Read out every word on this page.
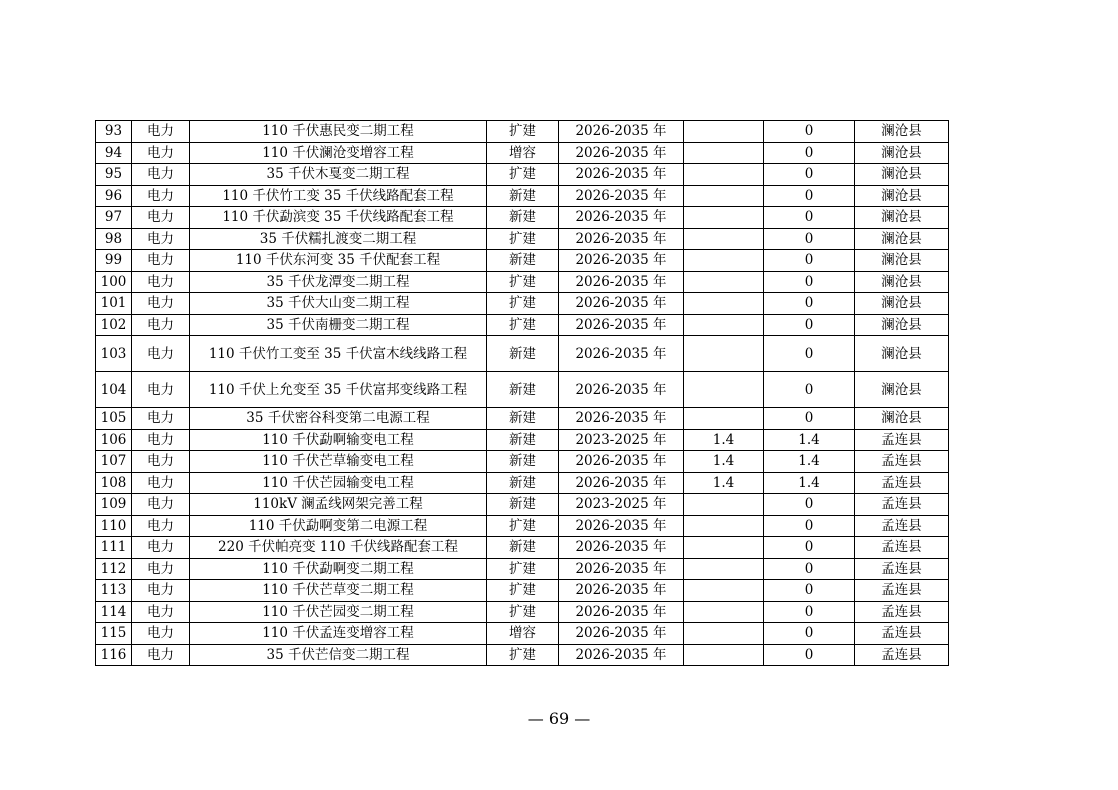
93	电力	110 千伏惠民变二期工程	扩建	2026-2035 年		0	澜沧县
94	电力	110 千伏澜沧变增容工程	增容	2026-2035 年		0	澜沧县
95	电力	35 千伏木戛变二期工程	扩建	2026-2035 年		0	澜沧县
96	电力	110 千伏竹工变 35 千伏线路配套工程	新建	2026-2035 年		0	澜沧县
97	电力	110 千伏勐滨变 35 千伏线路配套工程	新建	2026-2035 年		0	澜沧县
98	电力	35 千伏糯扎渡变二期工程	扩建	2026-2035 年		0	澜沧县
99	电力	110 千伏东河变 35 千伏配套工程	新建	2026-2035 年		0	澜沧县
100	电力	35 千伏龙潭变二期工程	扩建	2026-2035 年		0	澜沧县
101	电力	35 千伏大山变二期工程	扩建	2026-2035 年		0	澜沧县
102	电力	35 千伏南栅变二期工程	扩建	2026-2035 年		0	澜沧县
103	电力	110 千伏竹工变至 35 千伏富木线线路工程	新建	2026-2035 年		0	澜沧县
104	电力	110 千伏上允变至 35 千伏富邦变线路工程	新建	2026-2035 年		0	澜沧县
105	电力	35 千伏密谷科变第二电源工程	新建	2026-2035 年		0	澜沧县
106	电力	110 千伏勐啊输变电工程	新建	2023-2025 年	1.4	1.4	孟连县
107	电力	110 千伏芒草输变电工程	新建	2026-2035 年	1.4	1.4	孟连县
108	电力	110 千伏芒园输变电工程	新建	2026-2035 年	1.4	1.4	孟连县
109	电力	110kV 澜孟线网架完善工程	新建	2023-2025 年		0	孟连县
110	电力	110 千伏勐啊变第二电源工程	扩建	2026-2035 年		0	孟连县
111	电力	220 千伏帕亮变 110 千伏线路配套工程	新建	2026-2035 年		0	孟连县
112	电力	110 千伏勐啊变二期工程	扩建	2026-2035 年		0	孟连县
113	电力	110 千伏芒草变二期工程	扩建	2026-2035 年		0	孟连县
114	电力	110 千伏芒园变二期工程	扩建	2026-2035 年		0	孟连县
115	电力	110 千伏孟连变增容工程	增容	2026-2035 年		0	孟连县
116	电力	35 千伏芒信变二期工程	扩建	2026-2035 年		0	孟连县
— 69 —
